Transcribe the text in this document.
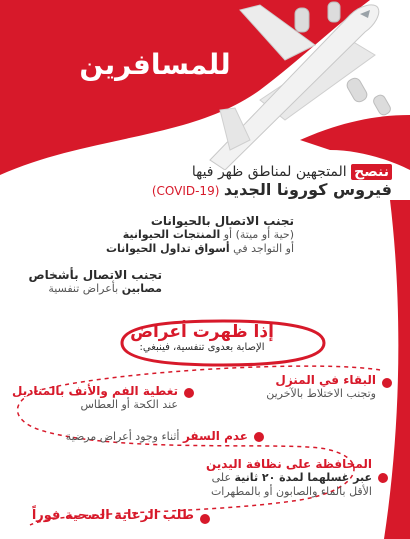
للمسافرين
ننصح المتجهين لمناطق ظهر فيها
فيروس كورونا الجديد (COVID-19)
تجنب الاتصال بالحيوانات
(حية أو ميتة) أو المنتجات الحيوانية
أو التواجد في أسواق تداول الحيوانات
تجنب الاتصال بأشخاص
مصابين بأعراض تنفسية
إذا ظهرت أعراض
الإصابة بعدوى تنفسية، فينبغي:
البقاء في المنزل
وتجنب الاختلاط بالآخرين
تغطية الفم والأنف بالمناديل
عند الكحة أو العطاس
عدم السفر أثناء وجود أعراض مرضية
المحافظة على نظافة اليدين
عبر غسلهما لمدة ٢٠ ثانية على
الأقل بالماء والصابون أو بالمطهرات
طلب الرعاية الصحية فوراً
